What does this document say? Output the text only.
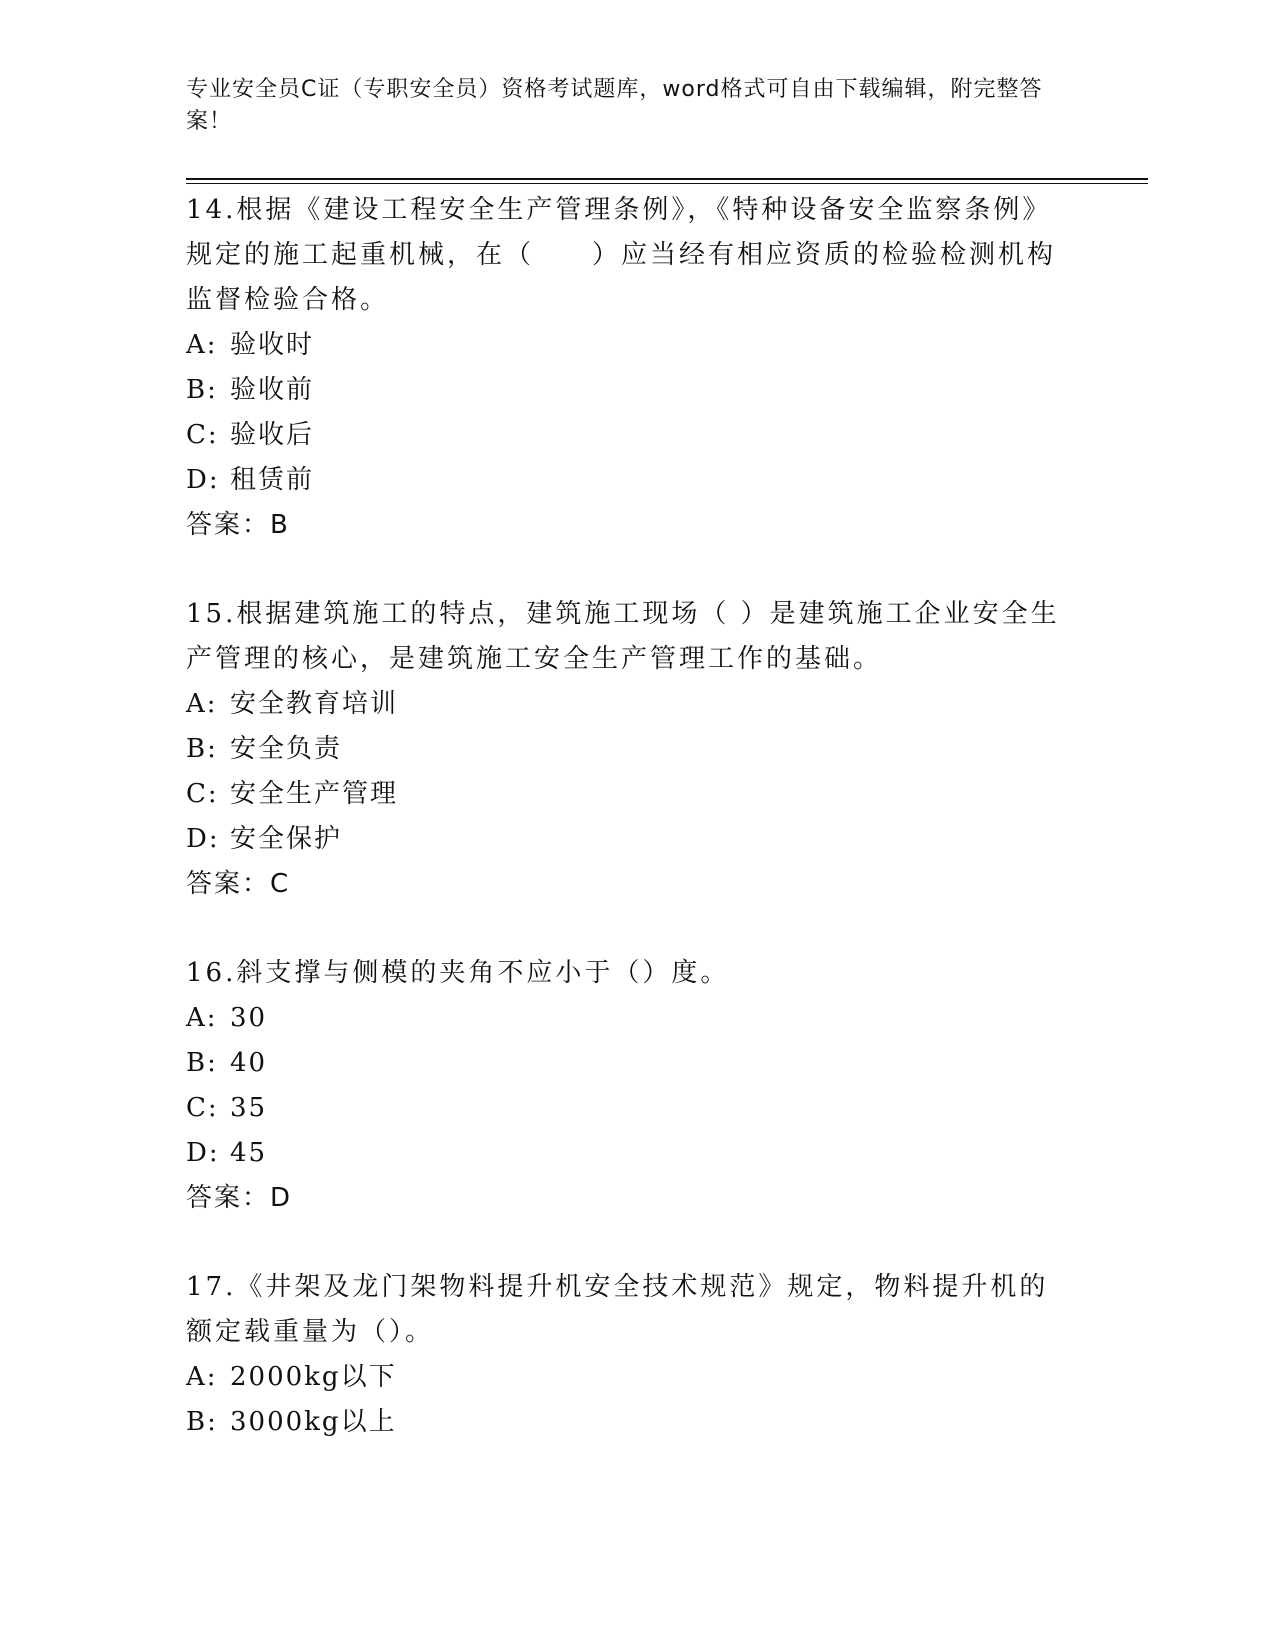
专业安全员C证（专职安全员）资格考试题库，word格式可自由下载编辑，附完整答案！

14.根据《建设工程安全生产管理条例》，《特种设备安全监察条例》规定的施工起重机械，在（　　）应当经有相应资质的检验检测机构监督检验合格。

A: 验收时

B: 验收前

C: 验收后

D: 租赁前

答案：B

15.根据建筑施工的特点，建筑施工现场（ ）是建筑施工企业安全生产管理的核心，是建筑施工安全生产管理工作的基础。

A: 安全教育培训

B: 安全负责

C: 安全生产管理

D: 安全保护

答案：C

16.斜支撑与侧模的夹角不应小于（）度。

A: 30

B: 40

C: 35

D: 45

答案：D

17.《井架及龙门架物料提升机安全技术规范》规定，物料提升机的额定载重量为（）。

A: 2000kg以下

B: 3000kg以上
